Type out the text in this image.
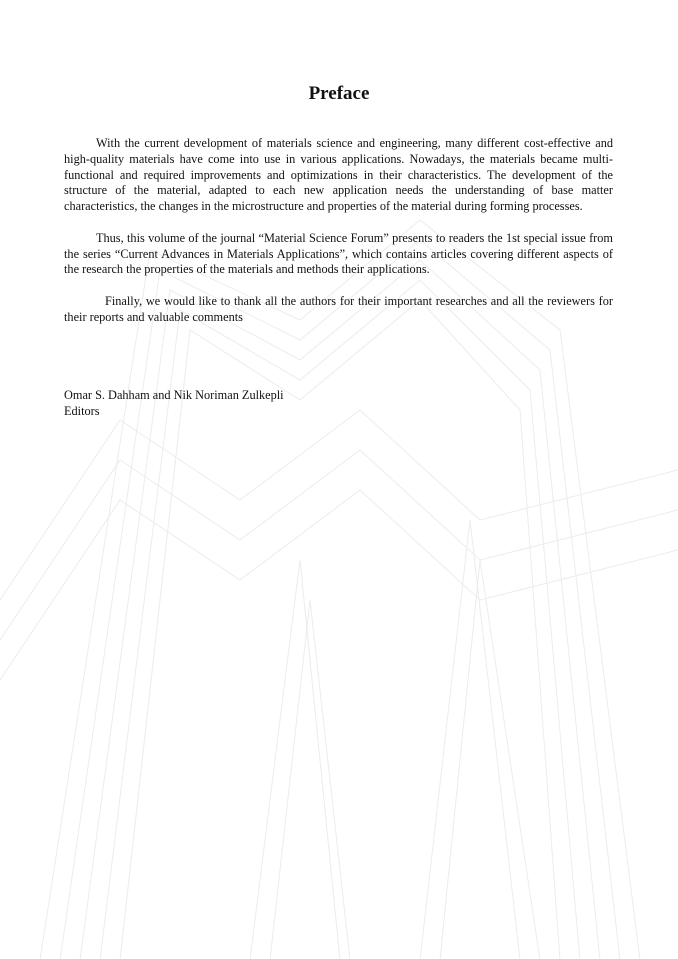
Preface

With the current development of materials science and engineering, many different cost-effective and high-quality materials have come into use in various applications. Nowadays, the materials became multi-functional and required improvements and optimizations in their characteristics. The development of the structure of the material, adapted to each new application needs the understanding of base matter characteristics, the changes in the microstructure and properties of the material during forming processes.

Thus, this volume of the journal “Material Science Forum” presents to readers the 1st special issue from the series “Current Advances in Materials Applications”, which contains articles covering different aspects of the research the properties of the materials and methods their applications.

Finally, we would like to thank all the authors for their important researches and all the reviewers for their reports and valuable comments

Omar S. Dahham and Nik Noriman Zulkepli
Editors
